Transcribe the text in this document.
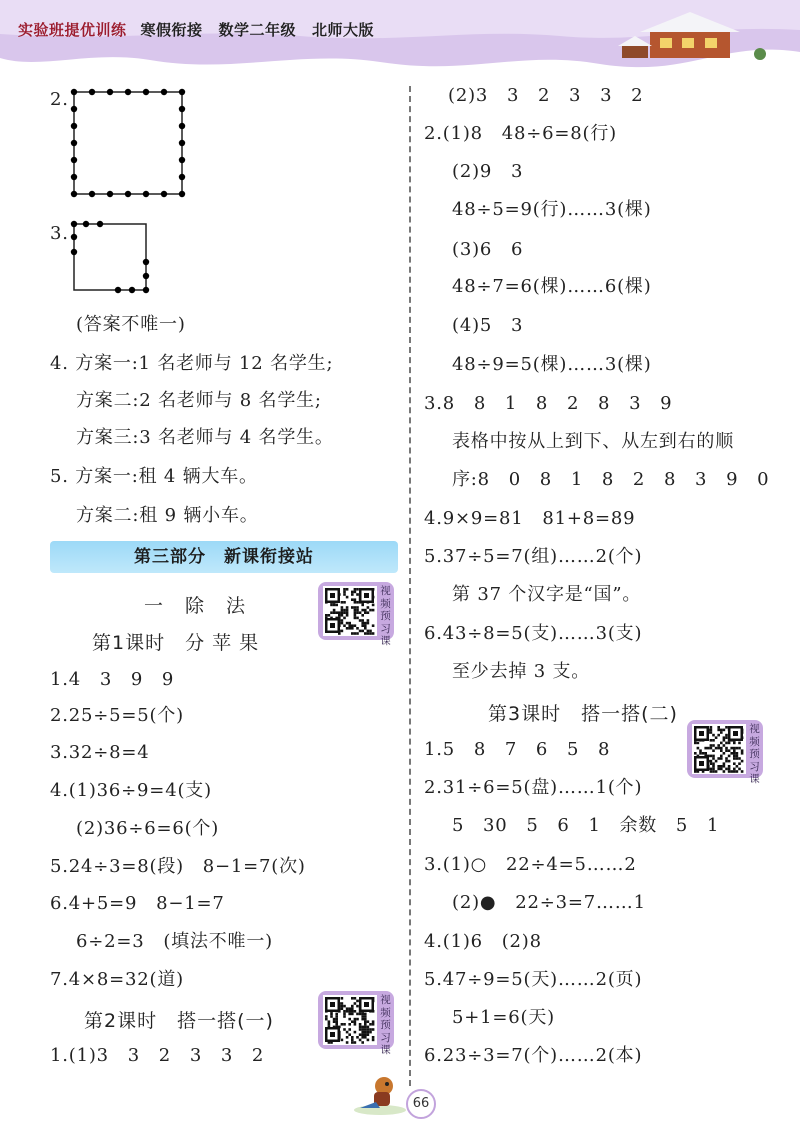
实验班提优训练 寒假衔接 数学二年级 北师大版
2.
3.
(答案不唯一)
4. 方案一:1 名老师与 12 名学生;
方案二:2 名老师与 8 名学生;
方案三:3 名老师与 4 名学生。
5. 方案一:租 4 辆大车。
方案二:租 9 辆小车。
第三部分　新课衔接站
一除法
视频预习课
第1课时　分 苹 果
1.4　3　9　9
2.25÷5=5(个)
3.32÷8=4
4.(1)36÷9=4(支)
(2)36÷6=6(个)
5.24÷3=8(段)　8−1=7(次)
6.4+5=9　8−1=7
6÷2=3　(填法不唯一)
7.4×8=32(道)
视频预习课
第2课时　搭一搭(一)
1.(1)3　3　2　3　3　2
(2)3　3　2　3　3　2
2.(1)8　48÷6=8(行)
(2)9　3
48÷5=9(行)……3(棵)
(3)6　6
48÷7=6(棵)……6(棵)
(4)5　3
48÷9=5(棵)……3(棵)
3.8　8　1　8　2　8　3　9
表格中按从上到下、从左到右的顺
序:8　0　8　1　8　2　8　3　9　0
4.9×9=81　81+8=89
5.37÷5=7(组)……2(个)
第 37 个汉字是“国”。
6.43÷8=5(支)……3(支)
至少去掉 3 支。
第3课时　搭一搭(二)
视频预习课
1.5　8　7　6　5　8
2.31÷6=5(盘)……1(个)
5　30　5　6　1　余数　5　1
3.(1)○　22÷4=5……2
(2)●　22÷3=7……1
4.(1)6　(2)8
5.47÷9=5(天)……2(页)
5+1=6(天)
6.23÷3=7(个)……2(本)
66
